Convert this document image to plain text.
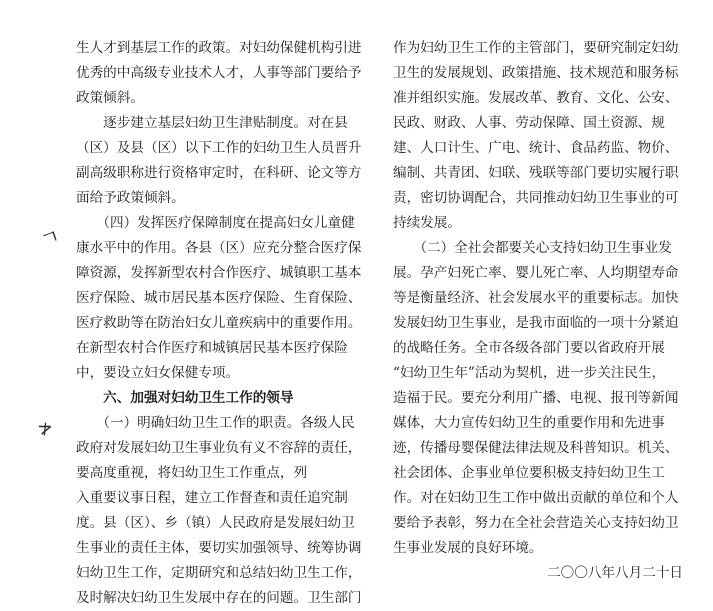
ㄱ
≯
生人才到基层工作的政策。对妇幼保健机构引进
优秀的中高级专业技术人才，人事等部门要给予
政策倾斜。
　　逐步建立基层妇幼卫生津贴制度。对在县
（区）及县（区）以下工作的妇幼卫生人员晋升
副高级职称进行资格审定时，在科研、论文等方
面给予政策倾斜。
　　（四）发挥医疗保障制度在提高妇女儿童健
康水平中的作用。各县（区）应充分整合医疗保
障资源，发挥新型农村合作医疗、城镇职工基本
医疗保险、城市居民基本医疗保险、生育保险、
医疗救助等在防治妇女儿童疾病中的重要作用。
在新型农村合作医疗和城镇居民基本医疗保险
中，要设立妇女保健专项。
　　六、加强对妇幼卫生工作的领导
　　（一）明确妇幼卫生工作的职责。各级人民
政府对发展妇幼卫生事业负有义不容辞的责任，
要高度重视，将妇幼卫生工作重点，列
入重要议事日程，建立工作督查和责任追究制
度。县（区）、乡（镇）人民政府是发展妇幼卫
生事业的责任主体，要切实加强领导、统筹协调
妇幼卫生工作，定期研究和总结妇幼卫生工作，
及时解决妇幼卫生发展中存在的问题。卫生部门
作为妇幼卫生工作的主管部门，要研究制定妇幼
卫生的发展规划、政策措施、技术规范和服务标
准并组织实施。发展改革、教育、文化、公安、
民政、财政、人事、劳动保障、国土资源、规
建、人口计生、广电、统计、食品药监、物价、
编制、共青团、妇联、残联等部门要切实履行职
责，密切协调配合，共同推动妇幼卫生事业的可
持续发展。
　　（二）全社会都要关心支持妇幼卫生事业发
展。孕产妇死亡率、婴儿死亡率、人均期望寿命
等是衡量经济、社会发展水平的重要标志。加快
发展妇幼卫生事业，是我市面临的一项十分紧迫
的战略任务。全市各级各部门要以省政府开展
“妇幼卫生年”活动为契机，进一步关注民生，
造福于民。要充分利用广播、电视、报刊等新闻
媒体，大力宣传妇幼卫生的重要作用和先进事
迹，传播母婴保健法律法规及科普知识。机关、
社会团体、企事业单位要积极支持妇幼卫生工
作。对在妇幼卫生工作中做出贡献的单位和个人
要给予表彰，努力在全社会营造关心支持妇幼卫
生事业发展的良好环境。
二〇〇八年八月二十日
